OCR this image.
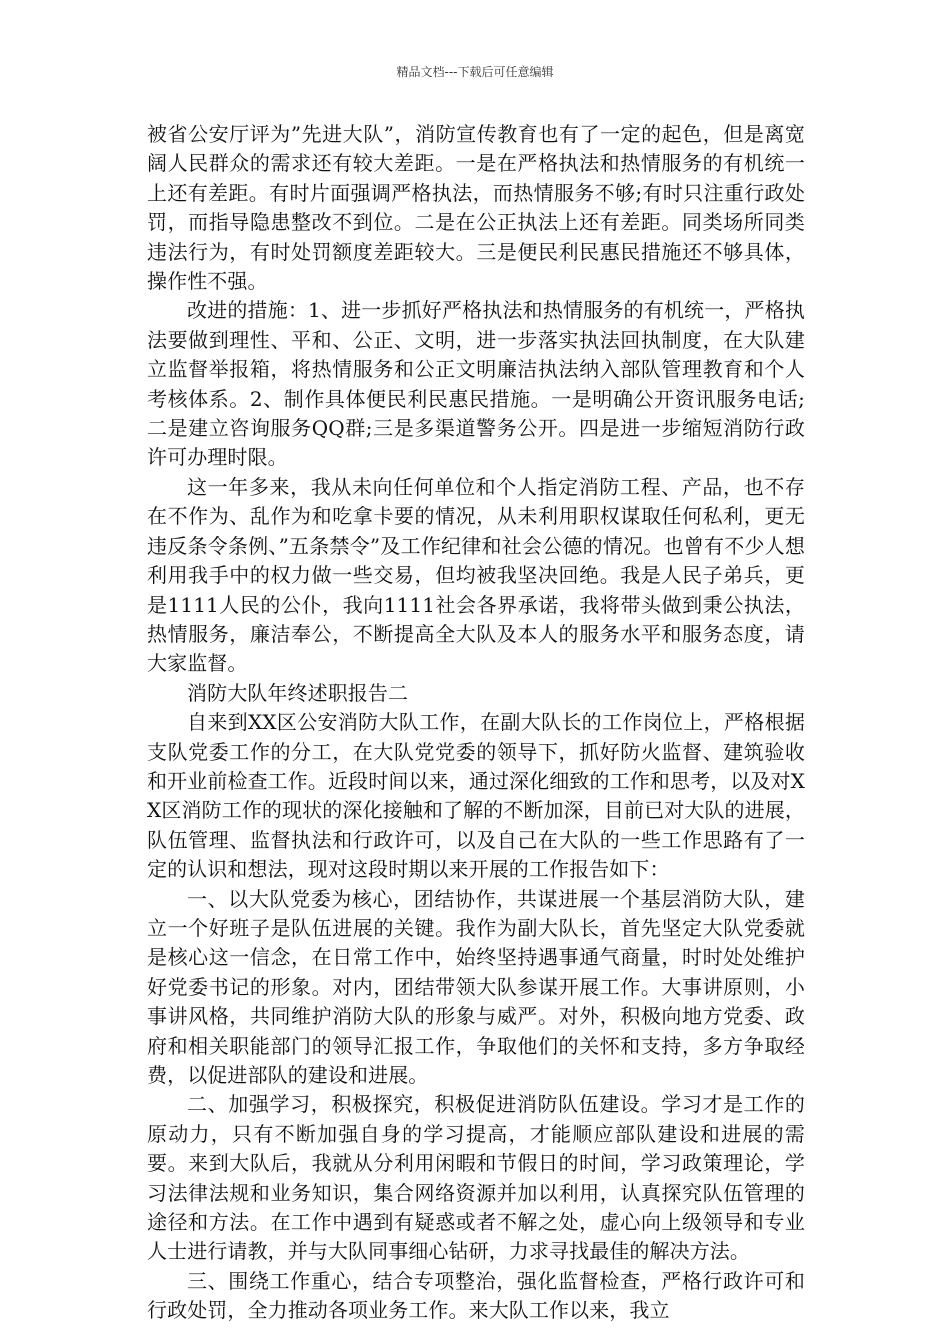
精品文档---下载后可任意编辑

被省公安厅评为”先进大队”，消防宣传教育也有了一定的起色，但是离宽阔人民群众的需求还有较大差距。一是在严格执法和热情服务的有机统一上还有差距。有时片面强调严格执法，而热情服务不够;有时只注重行政处罚，而指导隐患整改不到位。二是在公正执法上还有差距。同类场所同类违法行为，有时处罚额度差距较大。三是便民利民惠民措施还不够具体，操作性不强。

改进的措施：1、进一步抓好严格执法和热情服务的有机统一，严格执法要做到理性、平和、公正、文明，进一步落实执法回执制度，在大队建立监督举报箱，将热情服务和公正文明廉洁执法纳入部队管理教育和个人考核体系。2、制作具体便民利民惠民措施。一是明确公开资讯服务电话;二是建立咨询服务QQ群;三是多渠道警务公开。四是进一步缩短消防行政许可办理时限。

这一年多来，我从未向任何单位和个人指定消防工程、产品，也不存在不作为、乱作为和吃拿卡要的情况，从未利用职权谋取任何私利，更无违反条令条例、”五条禁令”及工作纪律和社会公德的情况。也曾有不少人想利用我手中的权力做一些交易，但均被我坚决回绝。我是人民子弟兵，更是1111人民的公仆，我向1111社会各界承诺，我将带头做到秉公执法，热情服务，廉洁奉公，不断提高全大队及本人的服务水平和服务态度，请大家监督。

消防大队年终述职报告二

自来到XX区公安消防大队工作，在副大队长的工作岗位上，严格根据支队党委工作的分工，在大队党党委的领导下，抓好防火监督、建筑验收和开业前检查工作。近段时间以来，通过深化细致的工作和思考，以及对XX区消防工作的现状的深化接触和了解的不断加深，目前已对大队的进展，队伍管理、监督执法和行政许可，以及自己在大队的一些工作思路有了一定的认识和想法，现对这段时期以来开展的工作报告如下：

一、以大队党委为核心，团结协作，共谋进展一个基层消防大队，建立一个好班子是队伍进展的关键。我作为副大队长，首先坚定大队党委就是核心这一信念，在日常工作中，始终坚持遇事通气商量，时时处处维护好党委书记的形象。对内，团结带领大队参谋开展工作。大事讲原则，小事讲风格，共同维护消防大队的形象与威严。对外，积极向地方党委、政府和相关职能部门的领导汇报工作，争取他们的关怀和支持，多方争取经费，以促进部队的建设和进展。

二、加强学习，积极探究，积极促进消防队伍建设。学习才是工作的原动力，只有不断加强自身的学习提高，才能顺应部队建设和进展的需要。来到大队后，我就从分利用闲暇和节假日的时间，学习政策理论，学习法律法规和业务知识，集合网络资源并加以利用，认真探究队伍管理的途径和方法。在工作中遇到有疑惑或者不解之处，虚心向上级领导和专业人士进行请教，并与大队同事细心钻研，力求寻找最佳的解决方法。

三、围绕工作重心，结合专项整治，强化监督检查，严格行政许可和行政处罚，全力推动各项业务工作。来大队工作以来，我立
